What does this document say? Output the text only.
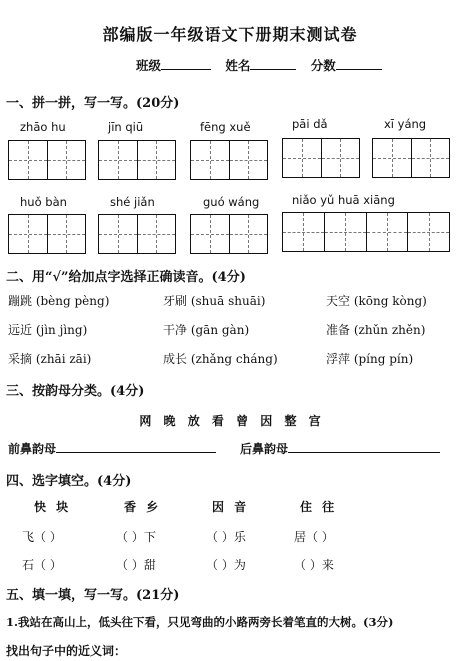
部编版一年级语文下册期末测试卷
班级	姓名	分数
一、拼一拼，写一写。(20分)
zhāo hu	jīn qiū	fēng xuě	pāi dǎ	xī yáng
huǒ bàn	shé jiǎn	guó wáng	niǎo yǔ huā xiāng
二、用“√”给加点字选择正确读音。(4分)
蹦跳 (bèng pèng)	牙刷 (shuā shuāi)	天空 (kōng kòng)
远近 (jìn jìng)	干净 (gān gàn)	准备 (zhǔn zhěn)
采摘 (zhāi zāi)	成长 (zhǎng cháng)	浮萍 (píng pín)
三、按韵母分类。(4分)
网 晚 放 看 曾 因 整 宫
前鼻韵母	后鼻韵母
四、选字填空。(4分)
快 块	香 乡	因 音	住 往
飞（ ）	（ ）下	（ ）乐	居（ ）
石（ ）	（ ）甜	（ ）为	（ ）来
五、填一填，写一写。(21分)
1.我站在高山上，低头往下看，只见弯曲的小路两旁长着笔直的大树。(3分)
找出句子中的近义词：
